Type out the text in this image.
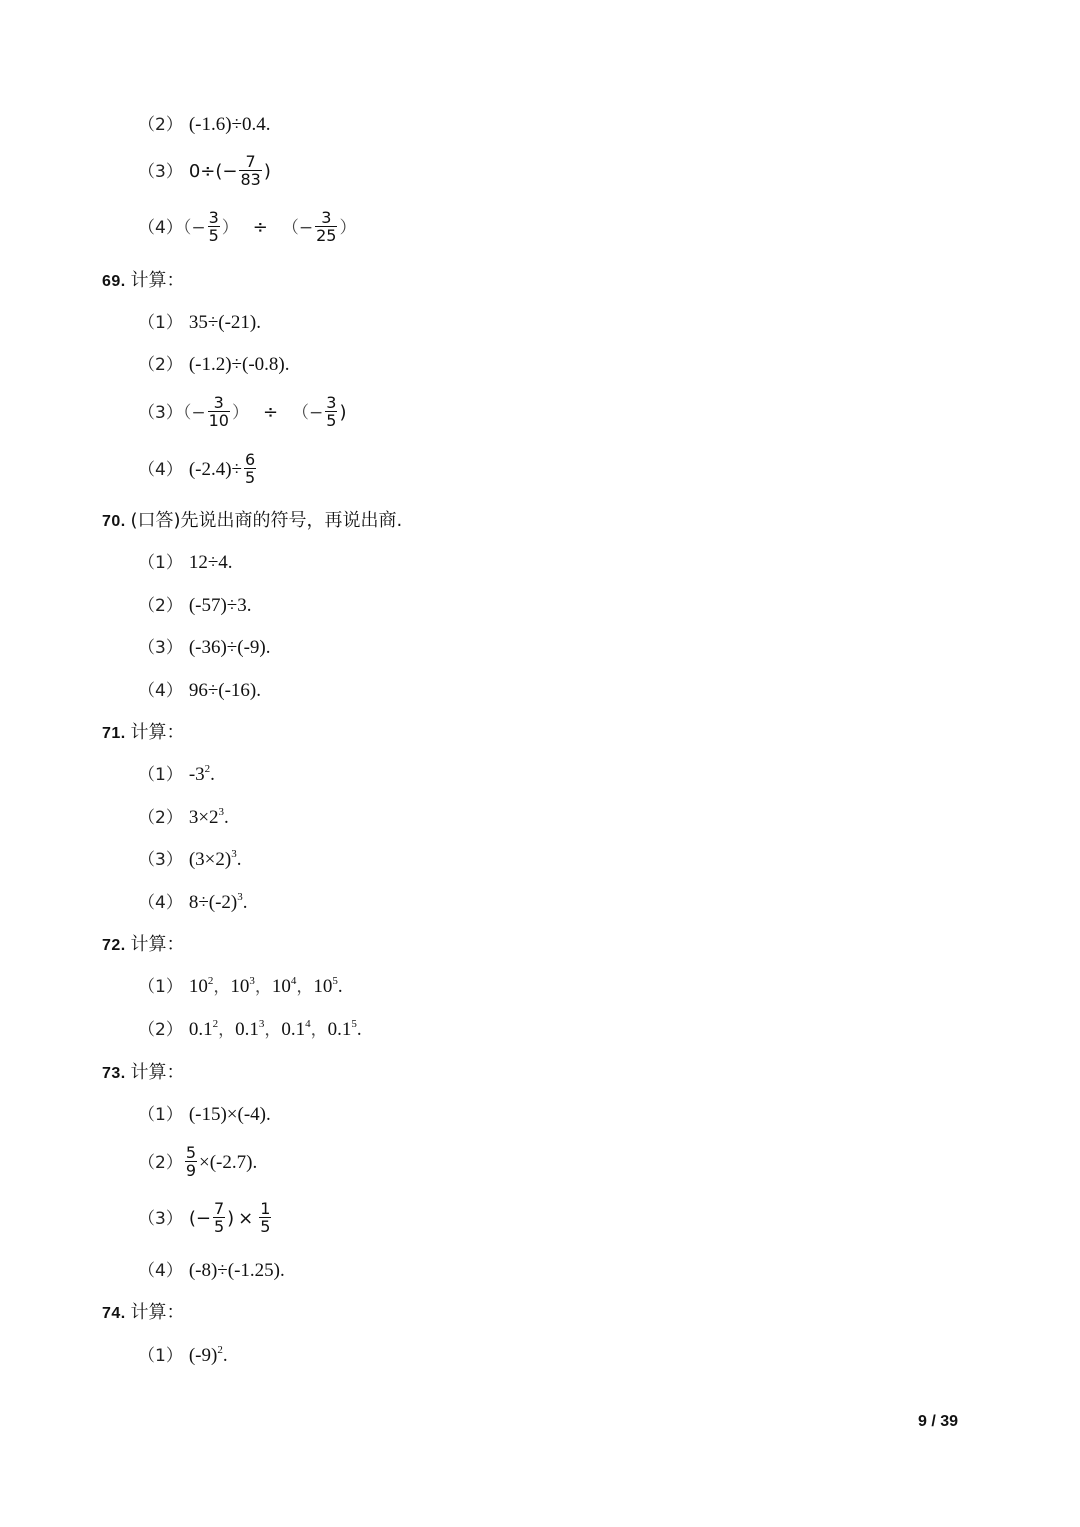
（2） (-1.6)÷0.4.
（3） $0\div(- \frac{7}{83}$ )
$(4)(- \frac{3}{5}$ ） ÷ （− $\frac{3}{25}$ ）
69. 计算：
（1） 35÷(-21).
（2） (-1.2)÷(-0.8).
$(3)(- \frac{3}{10}$ ） ÷ （− $\frac{3}{5}$ )
（4） $(-2.4)\div \frac{6}{5}$
70. (口答)先说出商的符号，再说出商.
（1） 12÷4.
（2） (-57)÷3.
（3） (-36)÷(-9).
（4） 96÷(-16).
71. 计算：
（1） $-3^2$.
（2） $3\times 2^3$.
（3） $(3\times 2)^3$.
（4） $8\div(-2)^3$.
72. 计算：
（1） $10^2$，$10^3$，$10^4$，$10^5$.
（2） $0.1^2$，$0.1^3$，$0.1^4$，$0.1^5$.
73. 计算：
（1） (-15)×(-4).
$(2) \frac{5}{9} \times(-2.7)$.
（3） (− $\frac{7}{5}$ ) × $\frac{1}{5}$
（4） (-8)÷(-1.25).
74. 计算：
（1） $(-9)^2$.
9 / 39
